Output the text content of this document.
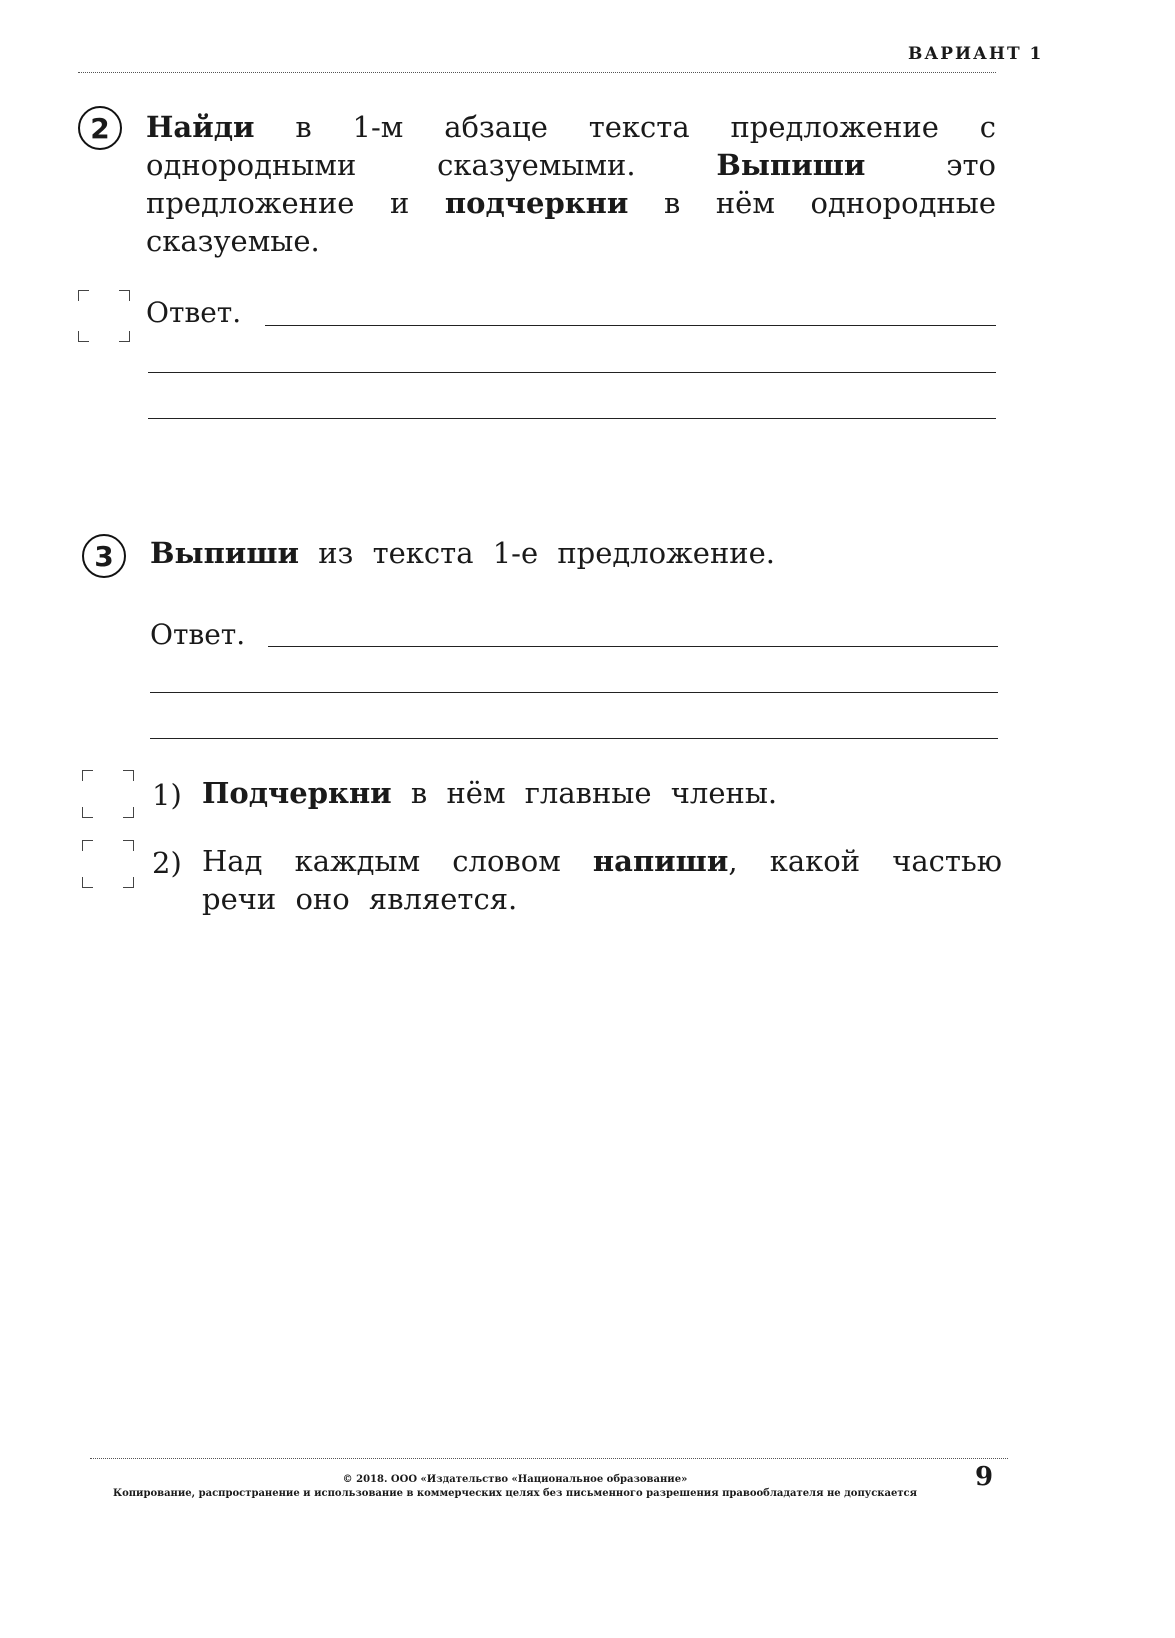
ВАРИАНТ 1
2	Найди в 1-м абзаце текста предложение с однородными сказуемыми. Выпиши это предложение и подчеркни в нём однородные сказуемые.
Ответ.
3	Выпиши из текста 1-е предложение.
Ответ.
1) Подчеркни в нём главные члены.
2) Над каждым словом напиши, какой частью речи оно является.
© 2018. ООО «Издательство «Национальное образование»
Копирование, распространение и использование в коммерческих целях без письменного разрешения правообладателя не допускается
9
